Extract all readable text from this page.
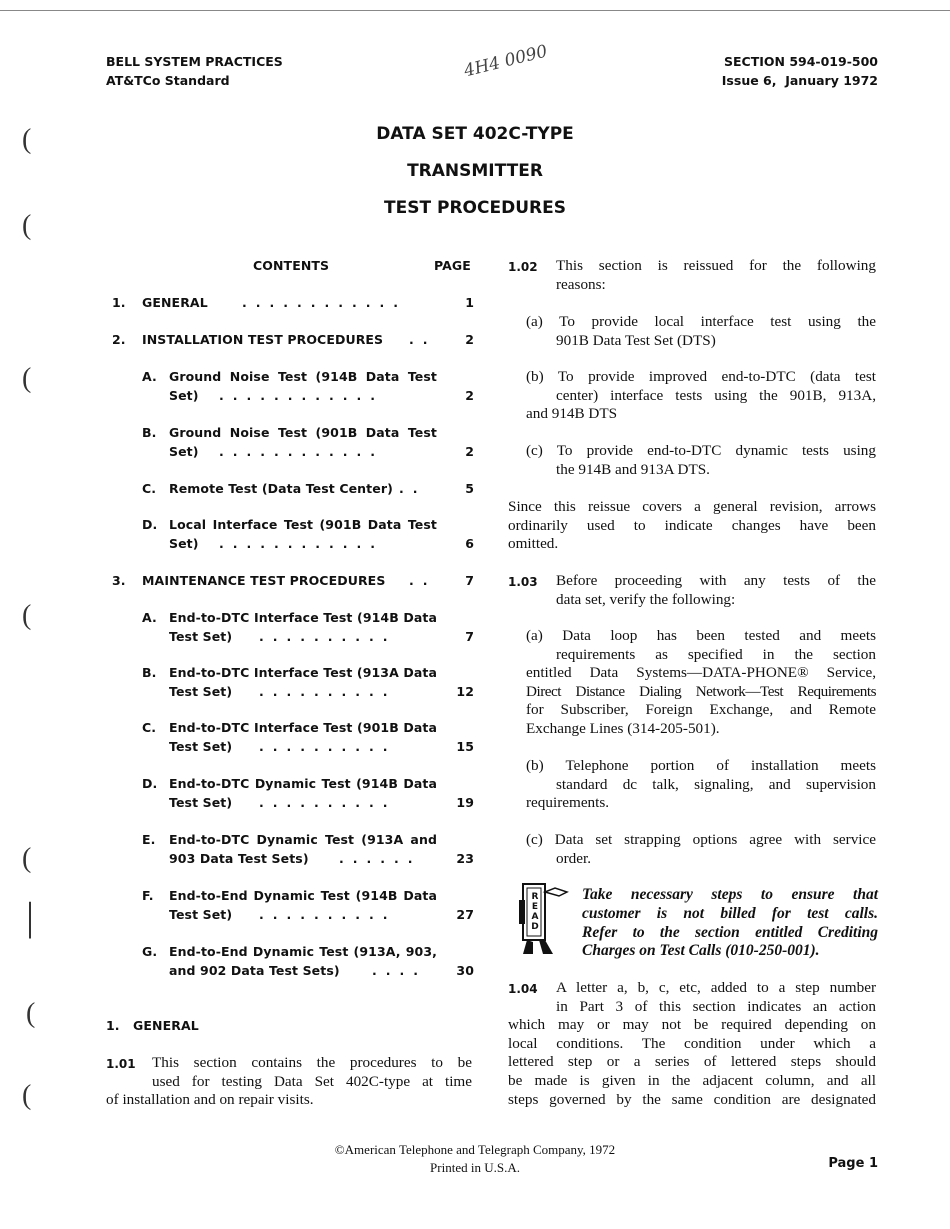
BELL SYSTEM PRACTICES
AT&TCo Standard
SECTION 594-019-500
Issue 6, January 1972
4H4 0090
DATA SET 402C-TYPE
TRANSMITTER
TEST PROCEDURES
(
(
(
(
(
|
(
(
CONTENTS	PAGE
1. GENERAL	.  .  .  .  .  .  .  .  .  .  .  .	1
2. INSTALLATION TEST PROCEDURES .  .	2
A. Ground Noise Test (914B Data Test
Set) .  .  .  .  .  .  .  .  .  .  .  .	2
B. Ground Noise Test (901B Data Test
Set) .  .  .  .  .  .  .  .  .  .  .  .	2
C. Remote Test (Data Test Center) .  .	5
D. Local Interface Test (901B Data Test
Set) .  .  .  .  .  .  .  .  .  .  .  .	6
3. MAINTENANCE TEST PROCEDURES .  .	7
A. End-to-DTC Interface Test (914B Data
Test Set) .  .  .  .  .  .  .  .  .  .	7
B. End-to-DTC Interface Test (913A Data
Test Set) .  .  .  .  .  .  .  .  .  .	12
C. End-to-DTC Interface Test (901B Data
Test Set) .  .  .  .  .  .  .  .  .  .	15
D. End-to-DTC Dynamic Test (914B Data
Test Set) .  .  .  .  .  .  .  .  .  .	19
E. End-to-DTC Dynamic Test (913A and
903 Data Test Sets) .  .  .  .  .  .	23
F. End-to-End Dynamic Test (914B Data
Test Set) .  .  .  .  .  .  .  .  .  .	27
G. End-to-End Dynamic Test (913A, 903,
and 902 Data Test Sets)	.  .  .  .	30
1. GENERAL
1.01 This section contains the procedures to be
used for testing Data Set 402C-type at time
of installation and on repair visits.
1.02 This section is reissued for the following
reasons:
(a) To provide local interface test using the
901B Data Test Set (DTS)
(b) To provide improved end-to-DTC (data test
center) interface tests using the 901B, 913A,
and 914B DTS
(c) To provide end-to-DTC dynamic tests using
the 914B and 913A DTS.
Since this reissue covers a general revision, arrows
ordinarily used to indicate changes have been
omitted.
1.03 Before proceeding with any tests of the
data set, verify the following:
(a) Data loop has been tested and meets
requirements as specified in the section
entitled Data Systems—DATA-PHONE® Service,
Direct Distance Dialing Network—Test Requirements
for Subscriber, Foreign Exchange, and Remote
Exchange Lines (314-205-501).
(b) Telephone portion of installation meets
standard dc talk, signaling, and supervision
requirements.
(c) Data set strapping options agree with service
order.
READ
Take necessary steps to ensure that
customer is not billed for test calls.
Refer to the section entitled Crediting
Charges on Test Calls (010-250-001).
1.04 A letter a, b, c, etc, added to a step number
in Part 3 of this section indicates an action
which may or may not be required depending on
local conditions. The condition under which a
lettered step or a series of lettered steps should
be made is given in the adjacent column, and all
steps governed by the same condition are designated
©American Telephone and Telegraph Company, 1972
Printed in U.S.A.	Page 1
